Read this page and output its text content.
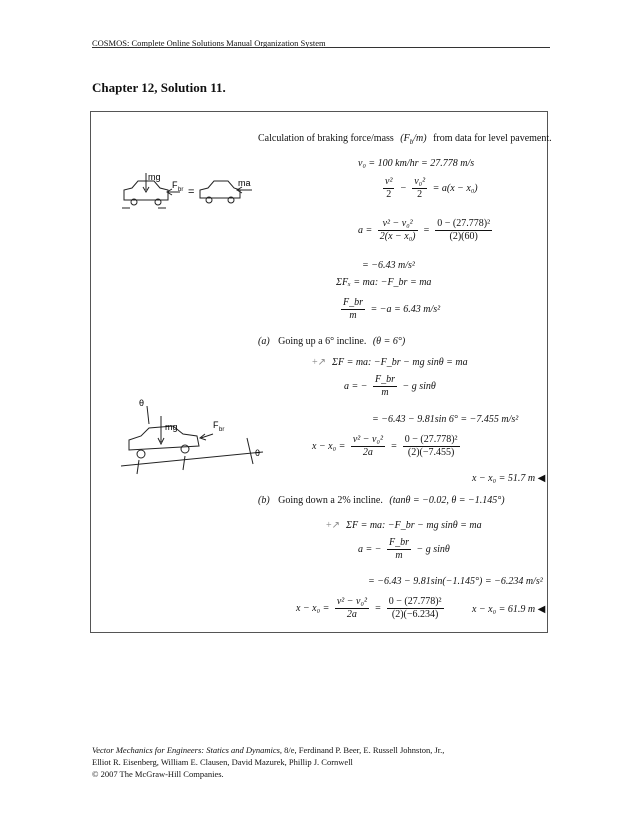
COSMOS: Complete Online Solutions Manual Organization System
Chapter 12, Solution 11.
mg
F br =
ma
θ
mg	F br
θ
Calculation of braking force/mass $(F_b/m)$ from data for level pavement.
v₀ = 100 km/hr = 27.778 m/s
$\frac{\text{v²}}{2} - \frac{\text{v₀²}}{2} = a(x - x_0)$
$a = \frac{\text{v² − v₀²}}{\text{2(x − x₀)}} = \frac{\text{0 − (27.778)²}}{(2)(60)}$
= −6.43 m/s²
ΣFₓ = ma: −F_br = ma
$\frac{F\_br}{m} = -a = 6.43$ m/s²
(a) Going up a 6° incline. (θ = 6°)
+↗ ΣF = ma: −F_br − mg sinθ = ma
a = − $\frac{F\_br}{m} - g$ sinθ
= −6.43 − 9.81sin 6° = −7.455 m/s²
$x - x_0 = \frac{\text{v² − v₀²}}{2a} = \frac{\text{0 − (27.778)²}}{(2)(-7.455)}$
x − x₀ = 51.7 m ◀
(b) Going down a 2% incline. (tanθ = −0.02, θ = −1.145°)
+↗ ΣF = ma: −F_br − mg sinθ = ma
a = − $\frac{F\_br}{m} - g$ sinθ
= −6.43 − 9.81sin(−1.145°) = −6.234 m/s²
$x - x_0 = \frac{\text{v² − v₀²}}{2a} = \frac{\text{0 − (27.778)²}}{(2)(-6.234)}$	x − x₀ = 61.9 m ◀
Vector Mechanics for Engineers: Statics and Dynamics, 8/e, Ferdinand P. Beer, E. Russell Johnston, Jr.,
Elliot R. Eisenberg, William E. Clausen, David Mazurek, Phillip J. Cornwell
© 2007 The McGraw-Hill Companies.
